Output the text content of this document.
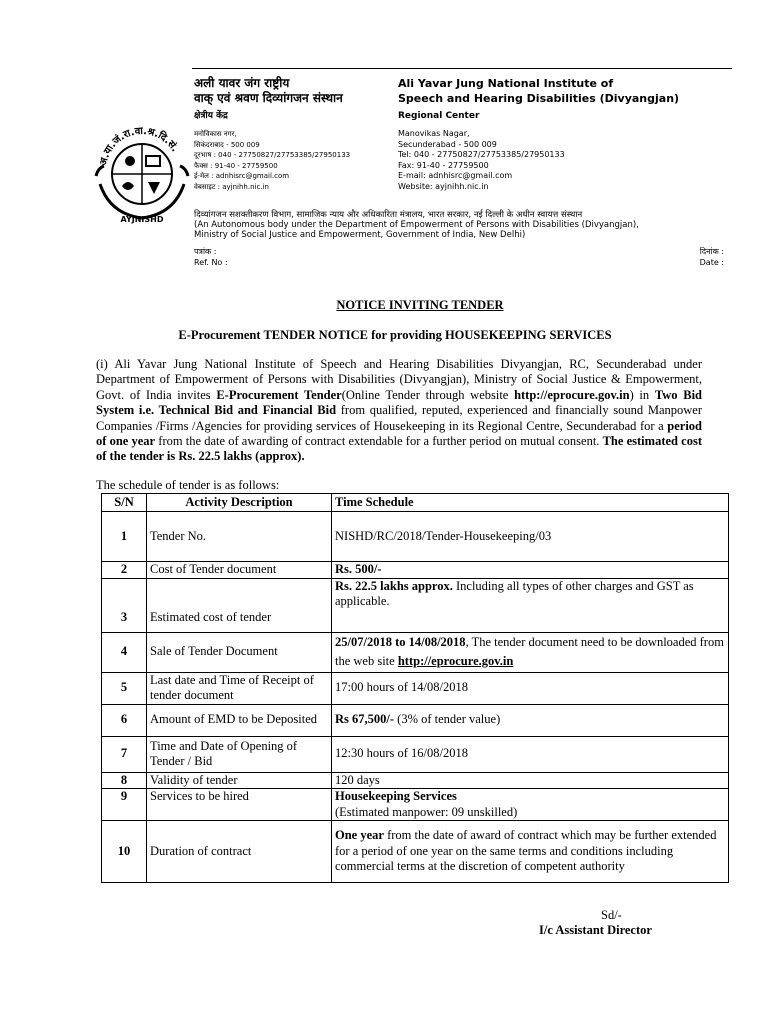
अ.या.जं.रा.वा.श्र.दि.सं.
AYJNISHD
अली यावर जंग राष्ट्रीय
वाक् एवं श्रवण दिव्यांगजन संस्थान
क्षेत्रीय केंद्र
मनोविकास नगर,
सिकंदराबाद - 500 009
दूरभाष : 040 - 27750827/27753385/27950133
फैक्स : 91-40 - 27759500
ई-मेल : adnhisrc@gmail.com
वेबसाइट : ayjnihh.nic.in
Ali Yavar Jung National Institute of
Speech and Hearing Disabilities (Divyangjan)
Regional Center
Manovikas Nagar,
Secunderabad - 500 009
Tel: 040 - 27750827/27753385/27950133
Fax: 91-40 - 27759500
E-mail: adnhisrc@gmail.com
Website: ayjnihh.nic.in
दिव्यांगजन सशक्तीकरण विभाग, सामाजिक न्याय और अधिकारिता मंत्रालय, भारत सरकार, नई दिल्ली के अधीन स्वायत्त संस्थान
(An Autonomous body under the Department of Empowerment of Persons with Disabilities (Divyangjan),
Ministry of Social Justice and Empowerment, Government of India, New Delhi)
पत्रांक :
Ref. No :
दिनांक :
Date :
NOTICE INVITING TENDER
E-Procurement TENDER NOTICE for providing HOUSEKEEPING SERVICES
(i) Ali Yavar Jung National Institute of Speech and Hearing Disabilities Divyangjan, RC, Secunderabad under Department of Empowerment of Persons with Disabilities (Divyangjan), Ministry of Social Justice & Empowerment, Govt. of India invites E-Procurement Tender(Online Tender through website http://eprocure.gov.in) in Two Bid System i.e. Technical Bid and Financial Bid from qualified, reputed, experienced and financially sound Manpower Companies /Firms /Agencies for providing services of Housekeeping in its Regional Centre, Secunderabad for a period of one year from the date of awarding of contract extendable for a further period on mutual consent. The estimated cost of the tender is Rs. 22.5 lakhs (approx).
The schedule of tender is as follows:
S/N	Activity Description	Time Schedule
1	Tender No.	NISHD/RC/2018/Tender-Housekeeping/03
2	Cost of Tender document	Rs. 500/-
3	Estimated cost of tender	Rs. 22.5 lakhs approx. Including all types of other charges and GST as applicable.
4	Sale of Tender Document	25/07/2018 to 14/08/2018, The tender document need to be downloaded from the web site http://eprocure.gov.in
5	Last date and Time of Receipt of tender document	17:00 hours of 14/08/2018
6	Amount of EMD to be Deposited	Rs 67,500/- (3% of tender value)
7	Time and Date of Opening of Tender / Bid	12:30 hours of 16/08/2018
8	Validity of tender	120 days
9	Services to be hired	Housekeeping Services
(Estimated manpower: 09 unskilled)
10	Duration of contract	One year from the date of award of contract which may be further extended for a period of one year on the same terms and conditions including commercial terms at the discretion of competent authority
Sd/-
I/c Assistant Director
